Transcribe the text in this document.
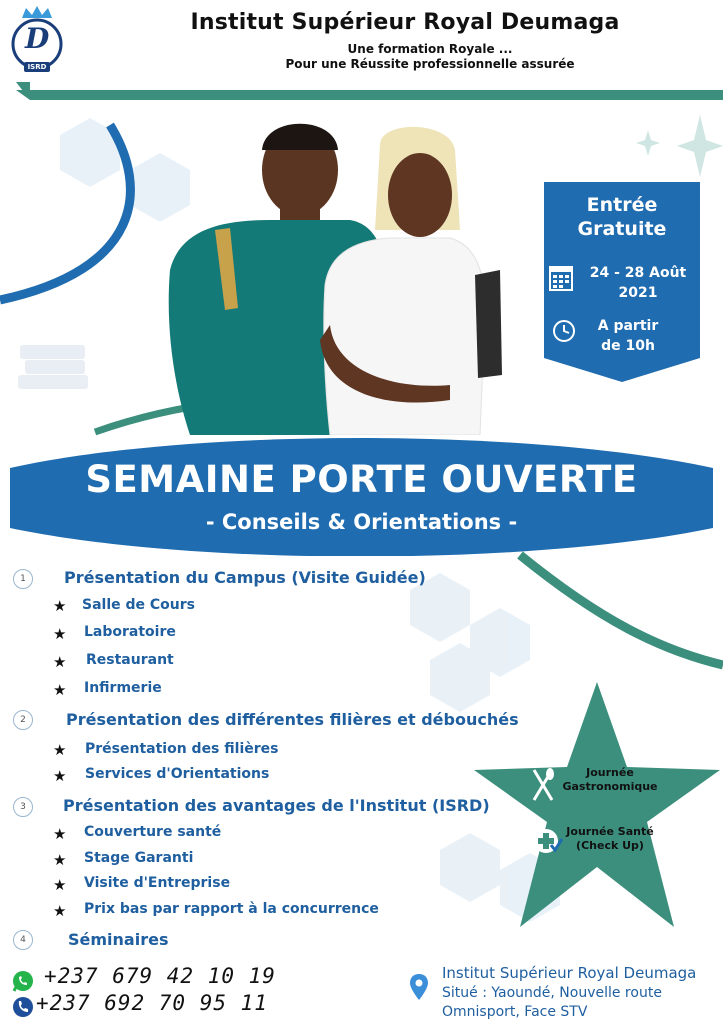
D
ISRD
Institut Supérieur Royal Deumaga
Une formation Royale ...
Pour une Réussite professionnelle assurée
Entrée
Gratuite
24 - 28 Août
2021
A partir
de 10h
SEMAINE PORTE OUVERTE
- Conseils & Orientations -
1	Présentation du Campus (Visite Guidée)
★ Salle de Cours
★ Laboratoire
★ Restaurant
★ Infirmerie
2	Présentation des différentes filières et débouchés
★ Présentation des filières
★ Services d'Orientations
3	Présentation des avantages de l'Institut (ISRD)
★ Couverture santé
★ Stage Garanti
★ Visite d'Entreprise
★ Prix bas par rapport à la concurrence
4	Séminaires
Journée
Gastronomique
Journée Santé
(Check Up)
+237 679 42 10 19
+237 692 70 95 11
Institut Supérieur Royal Deumaga
Situé : Yaoundé, Nouvelle route
Omnisport, Face STV
